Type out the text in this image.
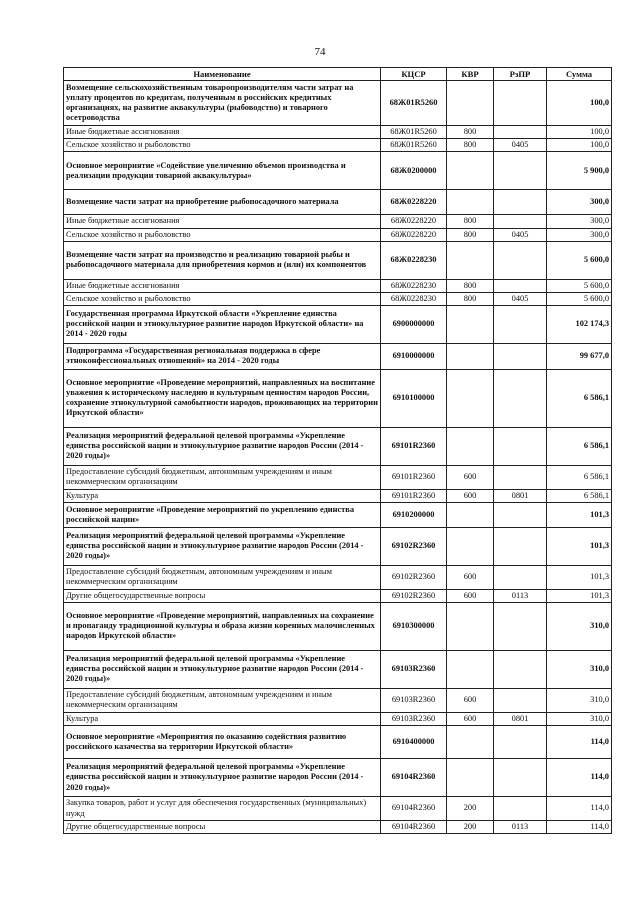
74
Наименование	КЦСР	КВР	РзПР	Сумма
Возмещение сельскохозяйственным товаропроизводителям части затрат на уплату процентов по кредитам, полученным в российских кредитных организациях, на развитие аквакультуры (рыбоводство) и товарного осетроводства	68Ж01R5260			100,0
Иные бюджетные ассигнования	68Ж01R5260	800		100,0
Сельское хозяйство и рыболовство	68Ж01R5260	800	0405	100,0
Основное мероприятие «Содействие увеличению объемов производства и реализации продукции товарной аквакультуры»	68Ж0200000			5 900,0
Возмещение части затрат на приобретение рыбопосадочного материала	68Ж0228220			300,0
Иные бюджетные ассигнования	68Ж0228220	800		300,0
Сельское хозяйство и рыболовство	68Ж0228220	800	0405	300,0
Возмещение части затрат на производство и реализацию товарной рыбы и рыбопосадочного материала для приобретения кормов и (или) их компонентов	68Ж0228230			5 600,0
Иные бюджетные ассигнования	68Ж0228230	800		5 600,0
Сельское хозяйство и рыболовство	68Ж0228230	800	0405	5 600,0
Государственная программа Иркутской области «Укрепление единства российской нации и этнокультурное развитие народов Иркутской области» на 2014 - 2020 годы	6900000000			102 174,3
Подпрограмма «Государственная региональная поддержка в сфере этноконфессиональных отношений» на 2014 - 2020 годы	6910000000			99 677,0
Основное мероприятие «Проведение мероприятий, направленных на воспитание уважения к историческому наследию и культурным ценностям народов России, сохранение этнокультурной самобытности народов, проживающих на территории Иркутской области»	6910100000			6 586,1
Реализация мероприятий федеральной целевой программы «Укрепление единства российской нации и этнокультурное развитие народов России (2014 - 2020 годы)»	69101R2360			6 586,1
Предоставление субсидий бюджетным, автономным учреждениям и иным некоммерческим организациям	69101R2360	600		6 586,1
Культура	69101R2360	600	0801	6 586,1
Основное мероприятие «Проведение мероприятий по укреплению единства российской нации»	6910200000			101,3
Реализация мероприятий федеральной целевой программы «Укрепление единства российской нации и этнокультурное развитие народов России (2014 - 2020 годы)»	69102R2360			101,3
Предоставление субсидий бюджетным, автономным учреждениям и иным некоммерческим организациям	69102R2360	600		101,3
Другие общегосударственные вопросы	69102R2360	600	0113	101,3
Основное мероприятие «Проведение мероприятий, направленных на сохранение и пропаганду традиционной культуры и образа жизни коренных малочисленных народов Иркутской области»	6910300000			310,0
Реализация мероприятий федеральной целевой программы «Укрепление единства российской нации и этнокультурное развитие народов России (2014 - 2020 годы)»	69103R2360			310,0
Предоставление субсидий бюджетным, автономным учреждениям и иным некоммерческим организациям	69103R2360	600		310,0
Культура	69103R2360	600	0801	310,0
Основное мероприятие «Мероприятия по оказанию содействия развитию российского казачества на территории Иркутской области»	6910400000			114,0
Реализация мероприятий федеральной целевой программы «Укрепление единства российской нации и этнокультурное развитие народов России (2014 - 2020 годы)»	69104R2360			114,0
Закупка товаров, работ и услуг для обеспечения государственных (муниципальных) нужд	69104R2360	200		114,0
Другие общегосударственные вопросы	69104R2360	200	0113	114,0
